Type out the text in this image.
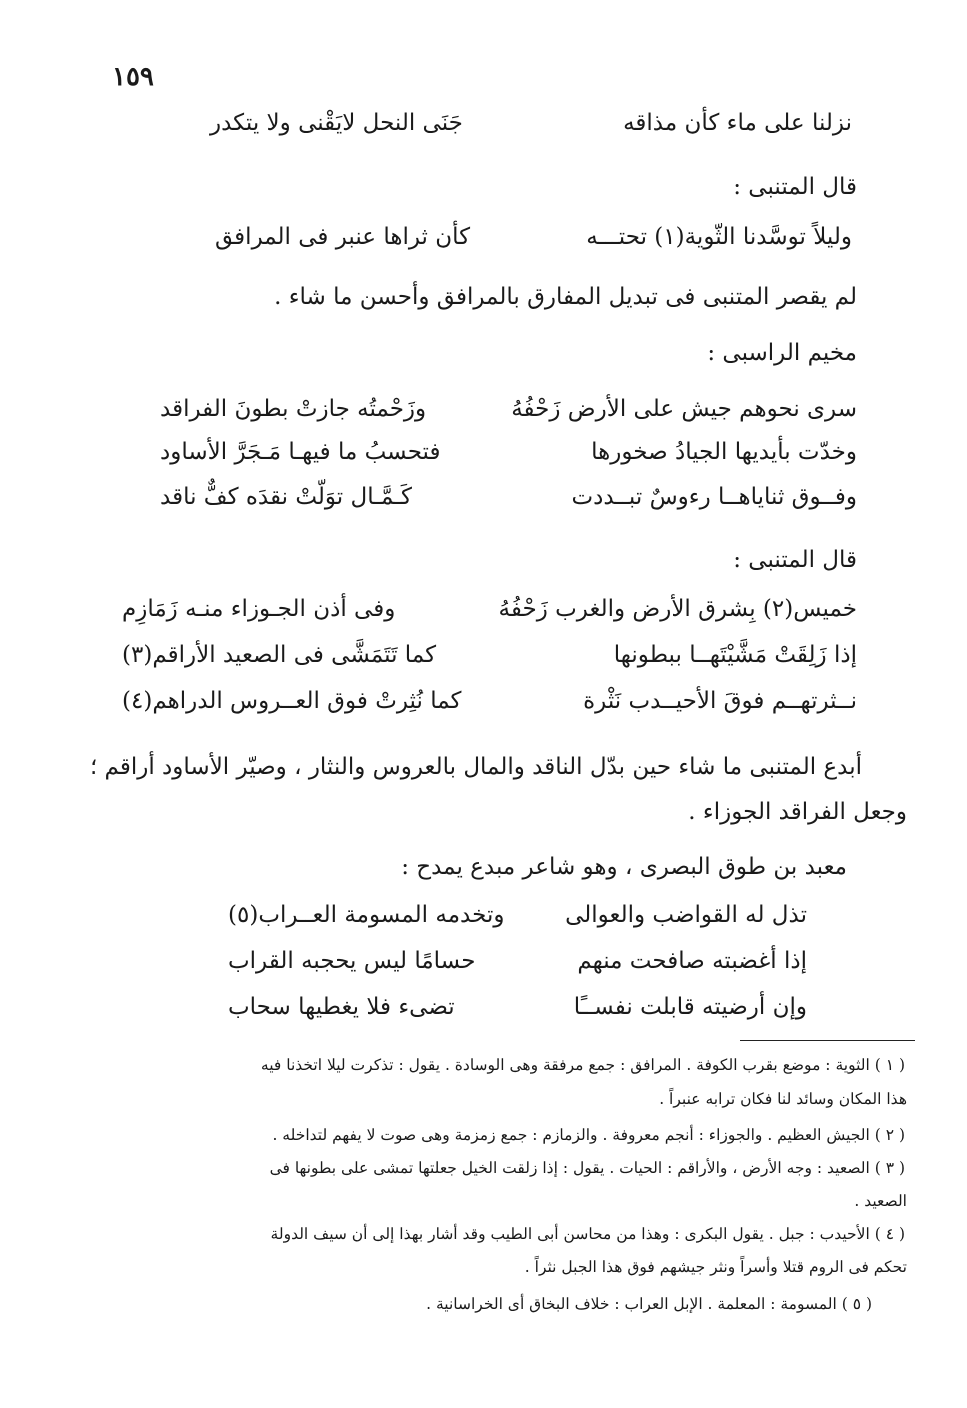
١٥٩
نزلنا على ماء كأن مذاقه
جَنَى النحل لايَقْنى ولا يتكدر
قال المتنبى :
وليلاً توسَّدنا الثّوية(١) تحتـــه
كأن ثراها عنبر فى المرافق
لم يقصر المتنبى فى تبديل المفارق بالمرافق وأحسن ما شاء .
مخيم الراسبى :
سرى نحوهم جيش على الأرض زَحْفُهُ
وزَحْمتُه جازتْ بطونَ الفراقد
وخدّت بأيديها الجيادُ صخورها
فتحسبُ ما فيهـا مَـجَرَّ الأساود
وفــوق ثناياهــا رءوسٌ تبــددت
كَـمَّـال توَلّتْ نقدَه كفٌّ ناقد
قال المتنبى :
خميس(٢) بِشرق الأرض والغرب زَحْفُهُ
وفى أذن الجـوزاء منـه زَمَازِم
إذا زَلِقَتْ مَشَّيْتَهــا ببطونها
كما تَتَمَشَّى فى الصعيد الأراقم(٣)
نــثرتهــم فوقَ الأحيــدب نَثْرة
كما نُثِرتْ فوق العــروس الدراهم(٤)
أبدع المتنبى ما شاء حين بدّل الناقد والمال بالعروس والنثار ، وصيّر الأساود أراقم ؛
وجعل الفراقد الجوزاء .
معبد بن طوق البصرى ، وهو شاعر مبدع يمدح :
تذل له القواضب والعوالى
وتخدمه المسومة العــراب(٥)
إذا أغضبته صافحت منهم
حسامًا ليس يحجبه القراب
وإن أرضيته قابلت نفســًا
تضىء فلا يغطيها سحاب
( ١ ) الثوية : موضع بقرب الكوفة . المرافق : جمع مرفقة وهى الوسادة . يقول : تذكرت ليلا اتخذنا فيه
هذا المكان وسائد لنا فكان ترابه عنبراً .
( ٢ ) الجيش العظيم . والجوزاء : أنجم معروفة . والزمازم : جمع زمزمة وهى صوت لا يفهم لتداخله .
( ٣ ) الصعيد : وجه الأرض ، والأراقم : الحيات . يقول : إذا زلقت الخيل جعلتها تمشى على بطونها فى
الصعيد .
( ٤ ) الأحيدب : جبل . يقول البكرى : وهذا من محاسن أبى الطيب وقد أشار بهذا إلى أن سيف الدولة
تحكم فى الروم قتلا وأسراً ونثر جيشهم فوق هذا الجبل نثراً .
( ٥ ) المسومة : المعلمة . الإبل العراب : خلاف البخاق أى الخراسانية .
